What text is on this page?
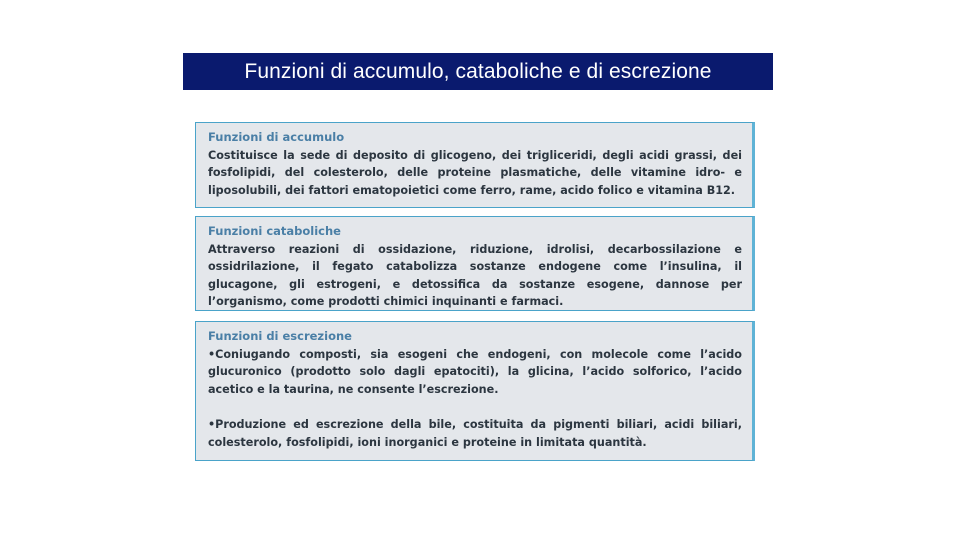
Funzioni di accumulo, cataboliche e di escrezione

Funzioni di accumulo

Costituisce la sede di deposito di glicogeno, dei trigliceridi, degli acidi grassi, dei fosfolipidi, del colesterolo, delle proteine plasmatiche, delle vitamine idro- e liposolubili, dei fattori ematopoietici come ferro, rame, acido folico e vitamina B12.

Funzioni cataboliche

Attraverso reazioni di ossidazione, riduzione, idrolisi, decarbossilazione e ossidrilazione, il fegato catabolizza sostanze endogene come l’insulina, il glucagone, gli estrogeni, e detossifica da sostanze esogene, dannose per l’organismo, come prodotti chimici inquinanti e farmaci.

Funzioni di escrezione

•Coniugando composti, sia esogeni che endogeni, con molecole come l’acido glucuronico (prodotto solo dagli epatociti), la glicina, l’acido solforico, l’acido acetico e la taurina, ne consente l’escrezione.

•Produzione ed escrezione della bile, costituita da pigmenti biliari, acidi biliari, colesterolo, fosfolipidi, ioni inorganici e proteine in limitata quantità.
